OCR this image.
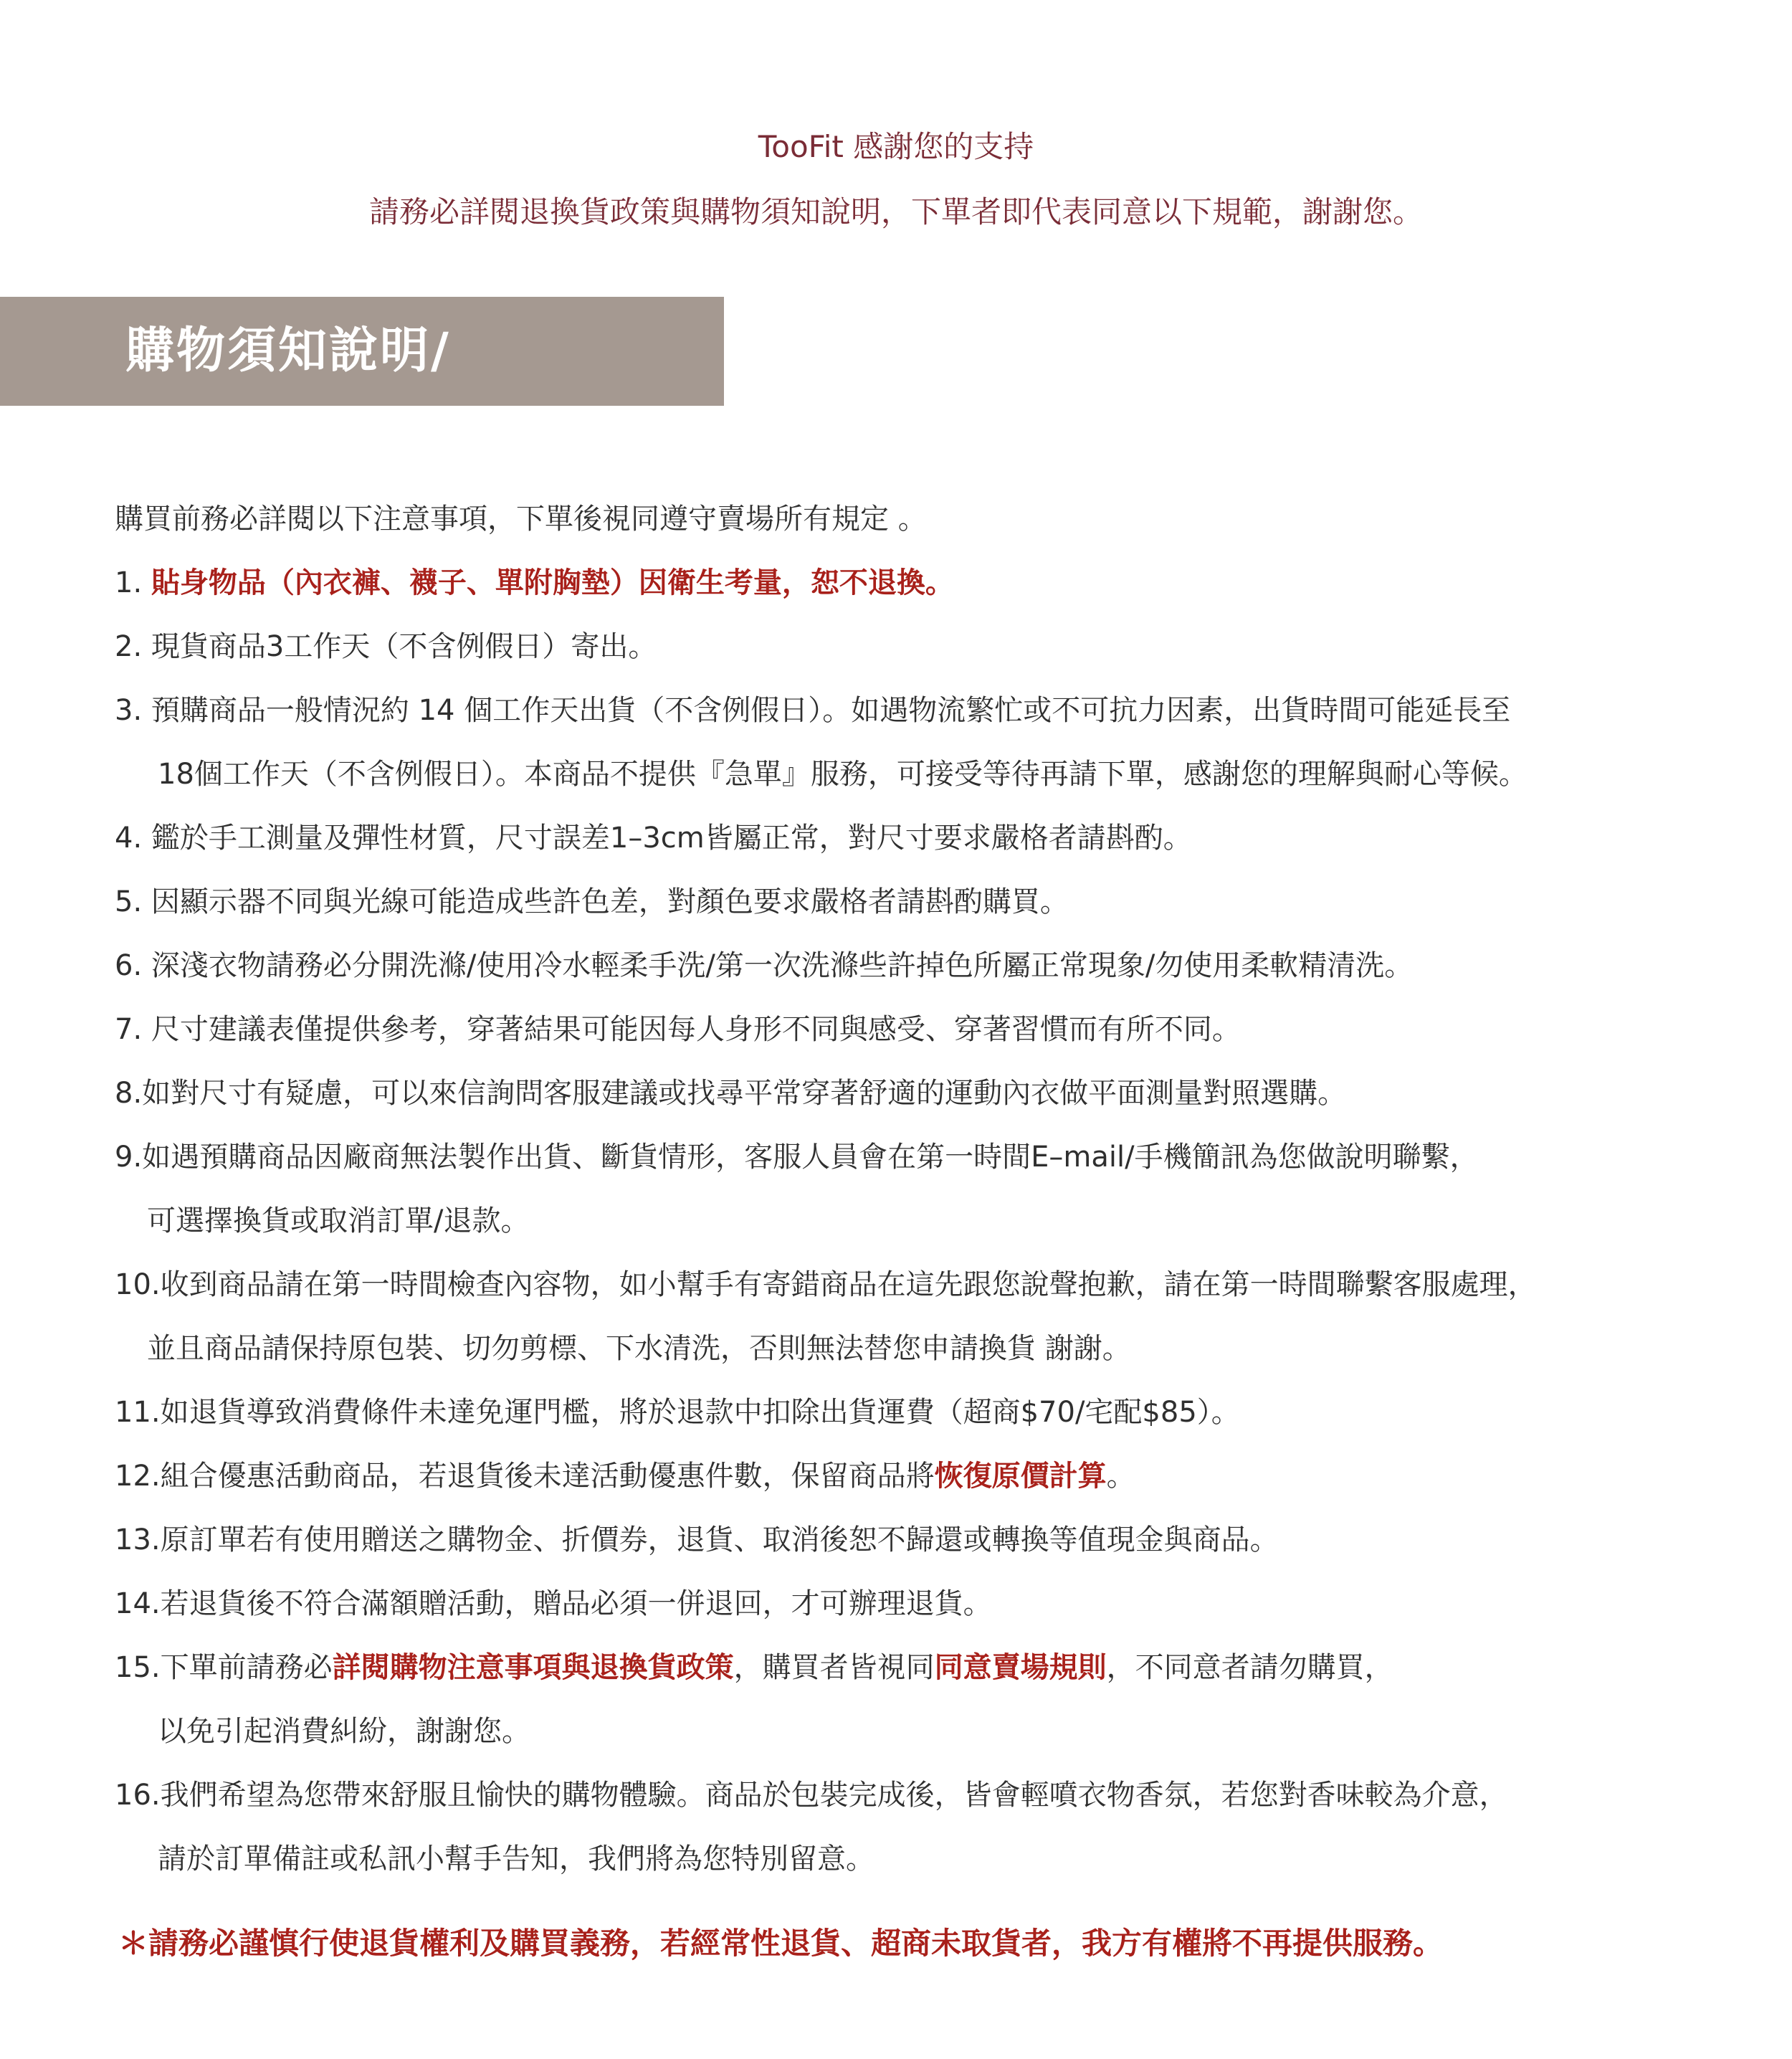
TooFit 感謝您的支持
請務必詳閱退換貨政策與購物須知說明，下單者即代表同意以下規範，謝謝您。
購物須知說明/
購買前務必詳閱以下注意事項，下單後視同遵守賣場所有規定 。
1. 貼身物品（內衣褲、襪子、單附胸墊）因衛生考量，恕不退換。
2. 現貨商品3工作天（不含例假日）寄出。
3. 預購商品一般情況約 14 個工作天出貨（不含例假日）。如遇物流繁忙或不可抗力因素，出貨時間可能延長至
18個工作天（不含例假日）。本商品不提供『急單』服務，可接受等待再請下單，感謝您的理解與耐心等候。
4. 鑑於手工測量及彈性材質，尺寸誤差1–3cm皆屬正常，對尺寸要求嚴格者請斟酌。
5. 因顯示器不同與光線可能造成些許色差，對顏色要求嚴格者請斟酌購買。
6. 深淺衣物請務必分開洗滌/使用冷水輕柔手洗/第一次洗滌些許掉色所屬正常現象/勿使用柔軟精清洗。
7. 尺寸建議表僅提供參考，穿著結果可能因每人身形不同與感受、穿著習慣而有所不同。
8.如對尺寸有疑慮，可以來信詢問客服建議或找尋平常穿著舒適的運動內衣做平面測量對照選購。
9.如遇預購商品因廠商無法製作出貨、斷貨情形，客服人員會在第一時間E–mail/手機簡訊為您做說明聯繫，
可選擇換貨或取消訂單/退款。
10.收到商品請在第一時間檢查內容物，如小幫手有寄錯商品在這先跟您說聲抱歉，請在第一時間聯繫客服處理，
並且商品請保持原包裝、切勿剪標、下水清洗，否則無法替您申請換貨 謝謝。
11.如退貨導致消費條件未達免運門檻，將於退款中扣除出貨運費（超商$70/宅配$85）。
12.組合優惠活動商品，若退貨後未達活動優惠件數，保留商品將恢復原價計算。
13.原訂單若有使用贈送之購物金、折價券，退貨、取消後恕不歸還或轉換等值現金與商品。
14.若退貨後不符合滿額贈活動，贈品必須一併退回，才可辦理退貨。
15.下單前請務必詳閱購物注意事項與退換貨政策，購買者皆視同同意賣場規則，不同意者請勿購買，
以免引起消費糾紛，謝謝您。
16.我們希望為您帶來舒服且愉快的購物體驗。商品於包裝完成後，皆會輕噴衣物香氛，若您對香味較為介意，
請於訂單備註或私訊小幫手告知，我們將為您特別留意。
＊請務必謹慎行使退貨權利及購買義務，若經常性退貨、超商未取貨者，我方有權將不再提供服務。
